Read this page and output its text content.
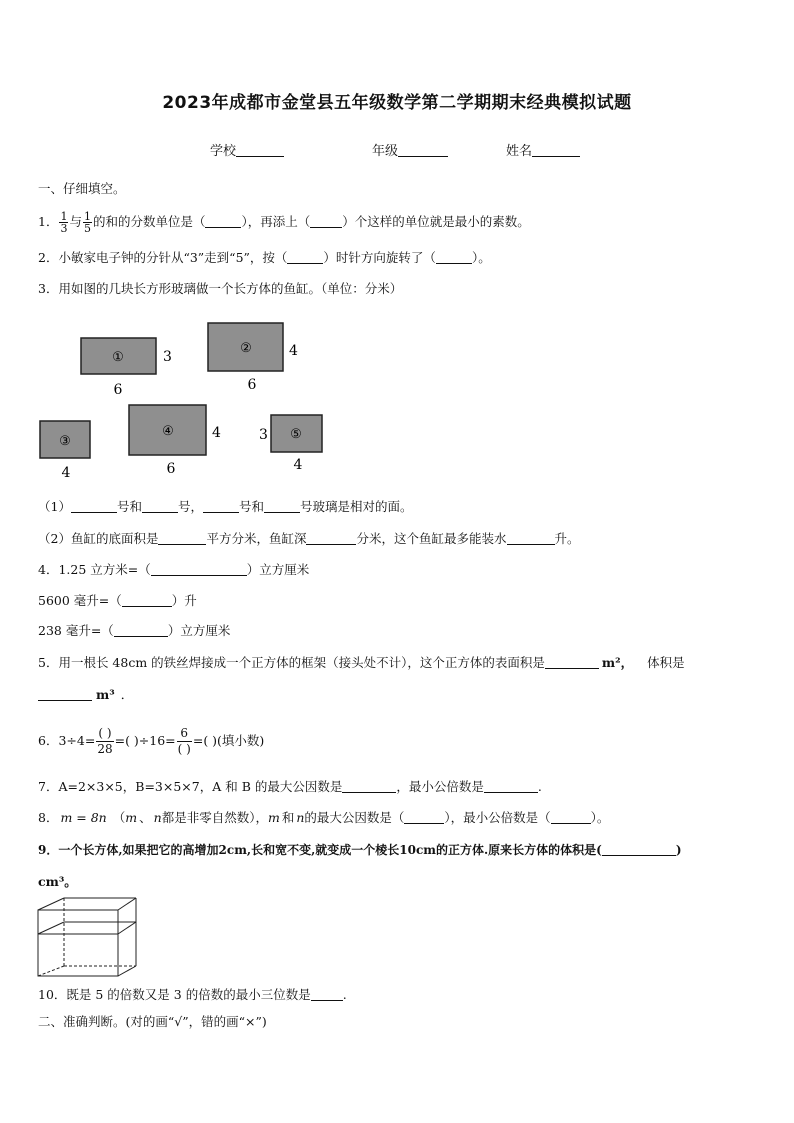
2023年成都市金堂县五年级数学第二学期期末经典模拟试题
学校	年级	姓名
一、仔细填空。
1． $\frac{1}{3}$ 与 $\frac{1}{5}$ 的和的分数单位是（	），再添上（	）个这样的单位就是最小的素数。
2．小敏家电子钟的分针从“3”走到“5”，按（	）时针方向旋转了（	）。
3．用如图的几块长方形玻璃做一个长方体的鱼缸。（单位：分米）
①	3
6
②	4
6
③
4
④	4
6
⑤
3
4
（1）	号和	号，	号和	号玻璃是相对的面。
（2）鱼缸的底面积是	平方分米，鱼缸深	分米，这个鱼缸最多能装水	升。
4．1.25 立方米=（	）立方厘米
5600 毫升=（	）升
238 毫升=（	）立方厘米
5．用一根长 48cm 的铁丝焊接成一个正方体的框架（接头处不计），这个正方体的表面积是	m²， 体积是
m³ ．
6．$3\div 4= \frac{( )}{28}$ =( )$\div 16= \frac{6}{( )}$ =( )(填小数)
7．A=2×3×5，B=3×5×7，A 和 B 的最大公因数是	，最小公倍数是	.
8． m = 8n （m 、 n都是非零自然数），m 和 n的最大公因数是（	），最小公倍数是（	）。
9．一个长方体,如果把它的高增加2cm,长和宽不变,就变成一个棱长10cm的正方体.原来长方体的体积是(	)
cm³。
10．既是 5 的倍数又是 3 的倍数的最小三位数是	.
二、准确判断。(对的画“√”，错的画“×”)
